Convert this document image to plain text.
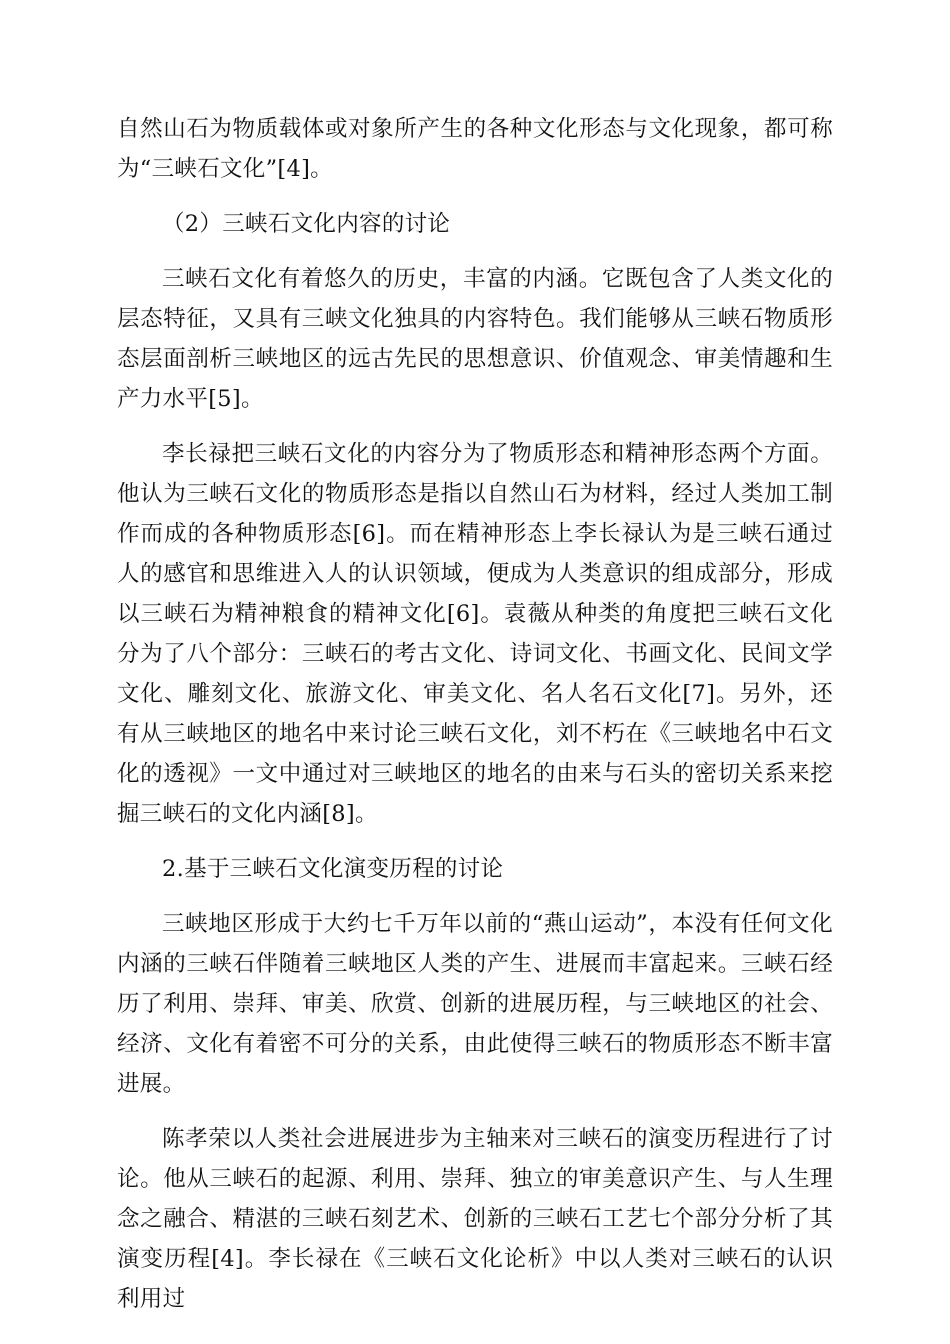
自然山石为物质载体或对象所产生的各种文化形态与文化现象，都可称为“三峡石文化”[4]。

（2）三峡石文化内容的讨论

三峡石文化有着悠久的历史，丰富的内涵。它既包含了人类文化的层态特征，又具有三峡文化独具的内容特色。我们能够从三峡石物质形态层面剖析三峡地区的远古先民的思想意识、价值观念、审美情趣和生产力水平[5]。

李长禄把三峡石文化的内容分为了物质形态和精神形态两个方面。他认为三峡石文化的物质形态是指以自然山石为材料，经过人类加工制作而成的各种物质形态[6]。而在精神形态上李长禄认为是三峡石通过人的感官和思维进入人的认识领域，便成为人类意识的组成部分，形成以三峡石为精神粮食的精神文化[6]。袁薇从种类的角度把三峡石文化分为了八个部分：三峡石的考古文化、诗词文化、书画文化、民间文学文化、雕刻文化、旅游文化、审美文化、名人名石文化[7]。另外，还有从三峡地区的地名中来讨论三峡石文化，刘不朽在《三峡地名中石文化的透视》一文中通过对三峡地区的地名的由来与石头的密切关系来挖掘三峡石的文化内涵[8]。

2.基于三峡石文化演变历程的讨论

三峡地区形成于大约七千万年以前的“燕山运动”，本没有任何文化内涵的三峡石伴随着三峡地区人类的产生、进展而丰富起来。三峡石经历了利用、崇拜、审美、欣赏、创新的进展历程，与三峡地区的社会、经济、文化有着密不可分的关系，由此使得三峡石的物质形态不断丰富进展。

陈孝荣以人类社会进展进步为主轴来对三峡石的演变历程进行了讨论。他从三峡石的起源、利用、崇拜、独立的审美意识产生、与人生理念之融合、精湛的三峡石刻艺术、创新的三峡石工艺七个部分分析了其演变历程[4]。李长禄在《三峡石文化论析》中以人类对三峡石的认识利用过
